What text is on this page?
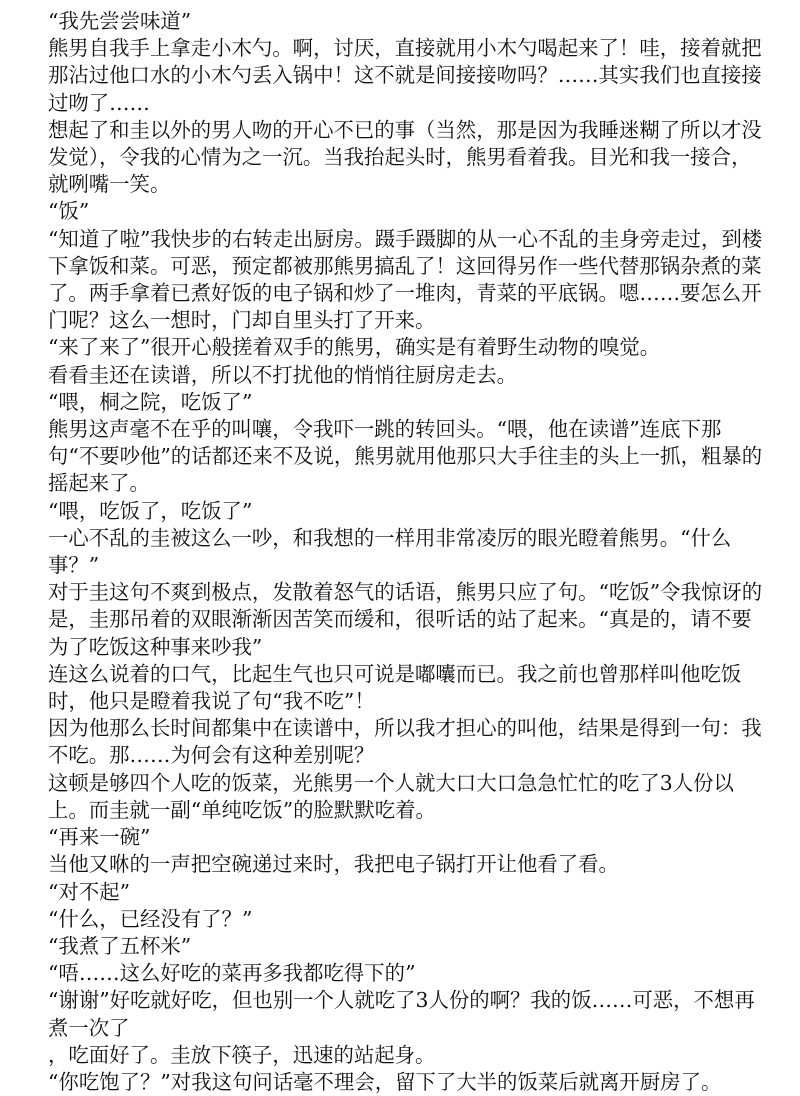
“我先尝尝味道”

熊男自我手上拿走小木勺。啊，讨厌，直接就用小木勺喝起来了！哇，接着就把那沾过他口水的小木勺丢入锅中！这不就是间接接吻吗？……其实我们也直接接过吻了……

想起了和圭以外的男人吻的开心不已的事（当然，那是因为我睡迷糊了所以才没发觉），令我的心情为之一沉。当我抬起头时，熊男看着我。目光和我一接合，就咧嘴一笑。

“饭”

“知道了啦”我快步的右转走出厨房。蹑手蹑脚的从一心不乱的圭身旁走过，到楼下拿饭和菜。可恶，预定都被那熊男搞乱了！这回得另作一些代替那锅杂煮的菜了。两手拿着已煮好饭的电子锅和炒了一堆肉，青菜的平底锅。嗯……要怎么开门呢？这么一想时，门却自里头打了开来。

“来了来了”很开心般搓着双手的熊男，确实是有着野生动物的嗅觉。

看看圭还在读谱，所以不打扰他的悄悄往厨房走去。

“喂，桐之院，吃饭了”

熊男这声毫不在乎的叫嚷，令我吓一跳的转回头。“喂，他在读谱”连底下那句“不要吵他”的话都还来不及说，熊男就用他那只大手往圭的头上一抓，粗暴的摇起来了。

“喂，吃饭了，吃饭了”

一心不乱的圭被这么一吵，和我想的一样用非常凌厉的眼光瞪着熊男。“什么事？”

对于圭这句不爽到极点，发散着怒气的话语，熊男只应了句。“吃饭”令我惊讶的是，圭那吊着的双眼渐渐因苦笑而缓和，很听话的站了起来。“真是的，请不要为了吃饭这种事来吵我”

连这么说着的口气，比起生气也只可说是嘟囔而已。我之前也曾那样叫他吃饭时，他只是瞪着我说了句“我不吃”！

因为他那么长时间都集中在读谱中，所以我才担心的叫他，结果是得到一句：我不吃。那……为何会有这种差别呢？

这顿是够四个人吃的饭菜，光熊男一个人就大口大口急急忙忙的吃了3人份以上。而圭就一副“单纯吃饭”的脸默默吃着。

“再来一碗”

当他又咻的一声把空碗递过来时，我把电子锅打开让他看了看。

“对不起”

“什么，已经没有了？”

“我煮了五杯米”

“唔……这么好吃的菜再多我都吃得下的”

“谢谢”好吃就好吃，但也别一个人就吃了3人份的啊？我的饭……可恶，不想再煮一次了

，吃面好了。圭放下筷子，迅速的站起身。

“你吃饱了？”对我这句问话毫不理会，留下了大半的饭菜后就离开厨房了。
